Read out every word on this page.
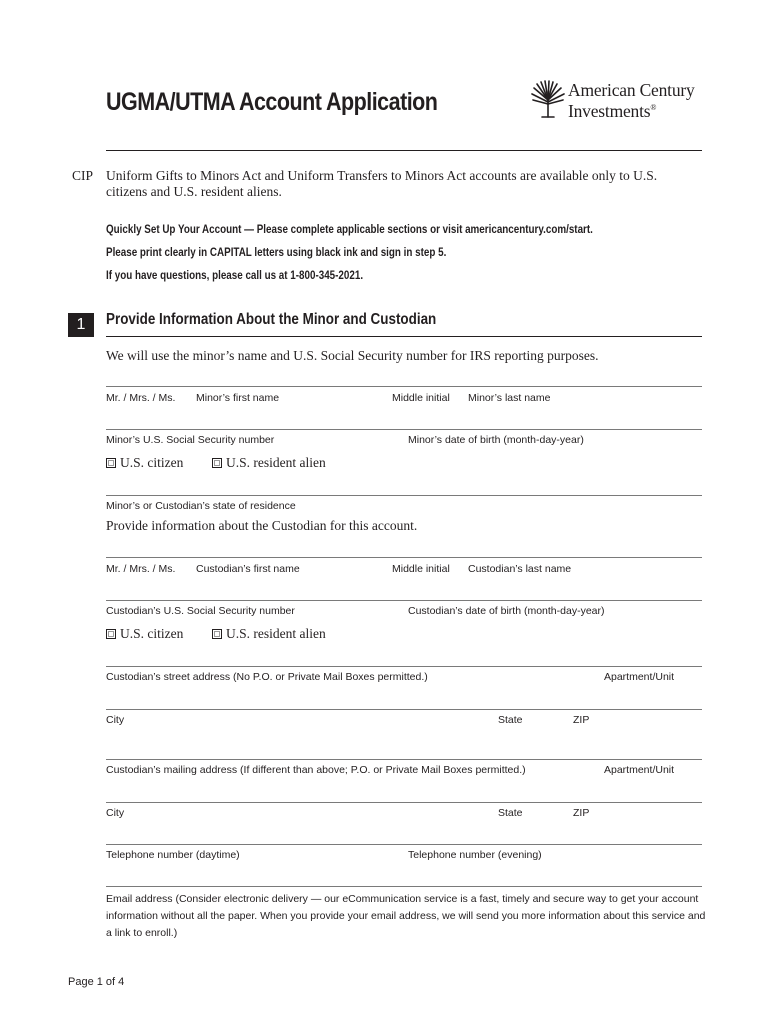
UGMA/UTMA Account Application	American Century
Investments®
CIP Uniform Gifts to Minors Act and Uniform Transfers to Minors Act accounts are available only to U.S. citizens and U.S. resident aliens.
Quickly Set Up Your Account — Please complete applicable sections or visit americancentury.com/start.
Please print clearly in CAPITAL letters using black ink and sign in step 5.
If you have questions, please call us at 1-800-345-2021.
1	Provide Information About the Minor and Custodian
We will use the minor’s name and U.S. Social Security number for IRS reporting purposes.
Mr. / Mrs. / Ms. Minor’s first name	Middle initial Minor’s last name
Minor’s U.S. Social Security number	Minor’s date of birth (month-day-year)
U.S. citizen	U.S. resident alien
Minor’s or Custodian’s state of residence
Provide information about the Custodian for this account.
Mr. / Mrs. / Ms. Custodian’s first name	Middle initial Custodian’s last name
Custodian’s U.S. Social Security number	Custodian’s date of birth (month-day-year)
U.S. citizen	U.S. resident alien
Custodian’s street address (No P.O. or Private Mail Boxes permitted.)	Apartment/Unit
City	State	ZIP
Custodian’s mailing address (If different than above; P.O. or Private Mail Boxes permitted.)	Apartment/Unit
City	State	ZIP
Telephone number (daytime)	Telephone number (evening)
Email address (Consider electronic delivery — our eCommunication service is a fast, timely and secure way to get your account information without all the paper. When you provide your email address, we will send you more information about this service and a link to enroll.)
Page 1 of 4
